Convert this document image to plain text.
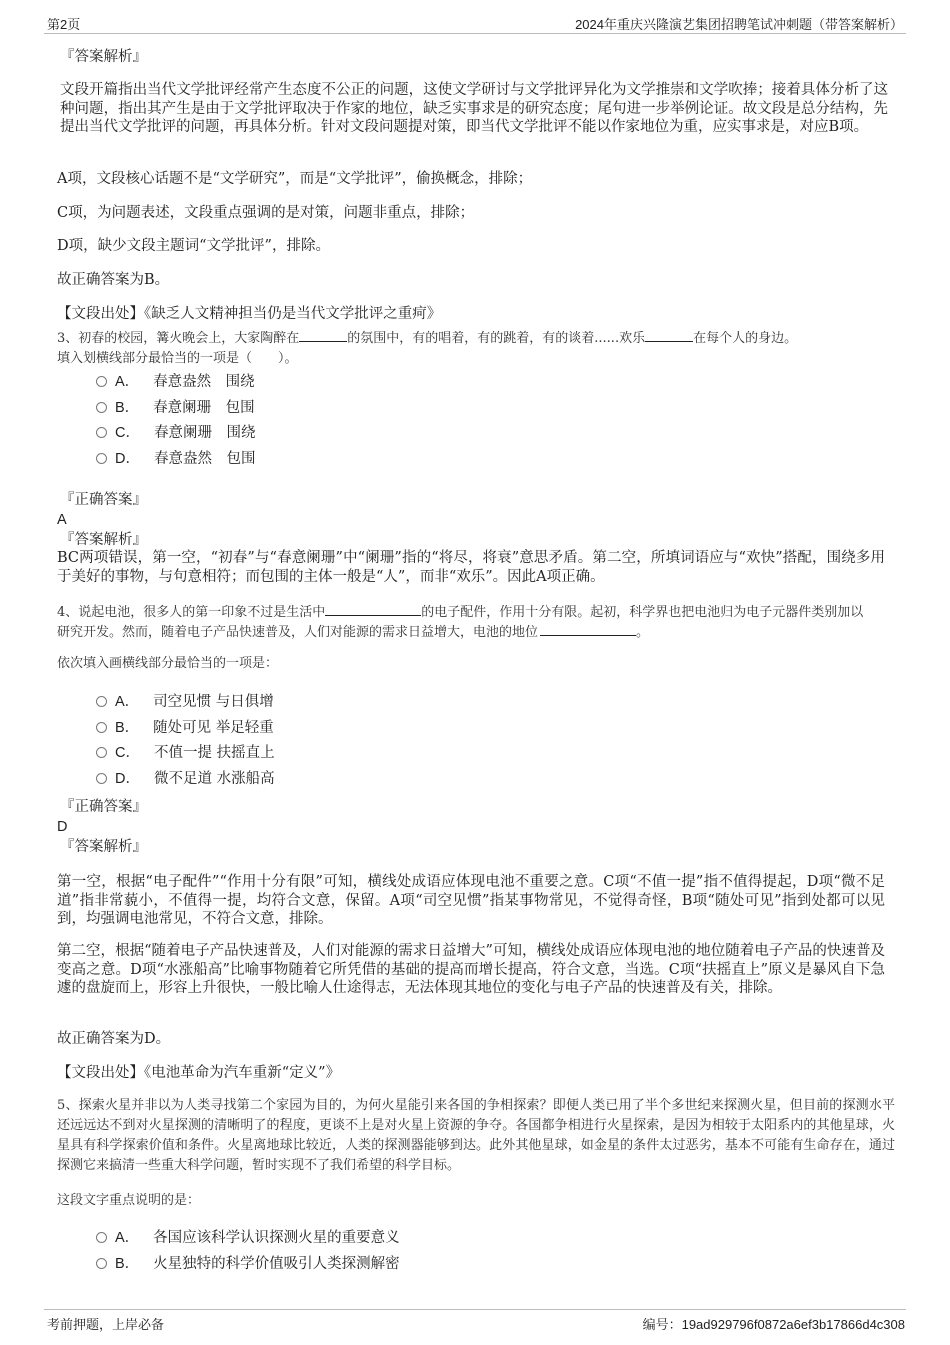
第2页	2024年重庆兴隆演艺集团招聘笔试冲刺题（带答案解析）
『答案解析』
文段开篇指出当代文学批评经常产生态度不公正的问题，这使文学研讨与文学批评异化为文学推崇和文学吹捧；接着具体分析了这种问题，指出其产生是由于文学批评取决于作家的地位，缺乏实事求是的研究态度；尾句进一步举例论证。故文段是总分结构，先提出当代文学批评的问题，再具体分析。针对文段问题提对策，即当代文学批评不能以作家地位为重，应实事求是，对应B项。
A项，文段核心话题不是“文学研究”，而是“文学批评”，偷换概念，排除；
C项，为问题表述，文段重点强调的是对策，问题非重点，排除；
D项，缺少文段主题词“文学批评”，排除。
故正确答案为B。
【文段出处】《缺乏人文精神担当仍是当代文学批评之重疴》
3、初春的校园，篝火晚会上，大家陶醉在	的氛围中，有的唱着，有的跳着，有的谈着......欢乐	在每个人的身边。
填入划横线部分最恰当的一项是（　　）。
A． 春意盎然　围绕
B． 春意阑珊　包围
C． 春意阑珊　围绕
D． 春意盎然　包围
『正确答案』
A
『答案解析』
BC两项错误，第一空，“初春”与“春意阑珊”中“阑珊”指的“将尽，将衰”意思矛盾。第二空，所填词语应与“欢快”搭配，围绕多用于美好的事物，与句意相符；而包围的主体一般是“人”，而非“欢乐”。因此A项正确。
4、说起电池，很多人的第一印象不过是生活中	的电子配件，作用十分有限。起初，科学界也把电池归为电子元器件类别加以
研究开发。然而，随着电子产品快速普及，人们对能源的需求日益增大，电池的地位	。
依次填入画横线部分最恰当的一项是：
A． 司空见惯 与日俱增
B． 随处可见 举足轻重
C． 不值一提 扶摇直上
D． 微不足道 水涨船高
『正确答案』
D
『答案解析』
第一空，根据“电子配件”“作用十分有限”可知，横线处成语应体现电池不重要之意。C项“不值一提”指不值得提起，D项“微不足道”指非常藐小，不值得一提，均符合文意，保留。A项“司空见惯”指某事物常见，不觉得奇怪，B项“随处可见”指到处都可以见到，均强调电池常见，不符合文意，排除。
第二空，根据“随着电子产品快速普及，人们对能源的需求日益增大”可知，横线处成语应体现电池的地位随着电子产品的快速普及变高之意。D项“水涨船高”比喻事物随着它所凭借的基础的提高而增长提高，符合文意，当选。C项“扶摇直上”原义是暴风自下急遽的盘旋而上，形容上升很快，一般比喻人仕途得志，无法体现其地位的变化与电子产品的快速普及有关，排除。
故正确答案为D。
【文段出处】《电池革命为汽车重新“定义”》
5、探索火星并非以为人类寻找第二个家园为目的，为何火星能引来各国的争相探索？即便人类已用了半个多世纪来探测火星，但目前的探测水平还远远达不到对火星探测的清晰明了的程度，更谈不上是对火星上资源的争夺。各国都争相进行火星探索，是因为相较于太阳系内的其他星球，火星具有科学探索价值和条件。火星离地球比较近，人类的探测器能够到达。此外其他星球，如金星的条件太过恶劣，基本不可能有生命存在，通过探测它来搞清一些重大科学问题，暂时实现不了我们希望的科学目标。
这段文字重点说明的是：
A． 各国应该科学认识探测火星的重要意义
B． 火星独特的科学价值吸引人类探测解密
考前押题，上岸必备	编号：19ad929796f0872a6ef3b17866d4c308
